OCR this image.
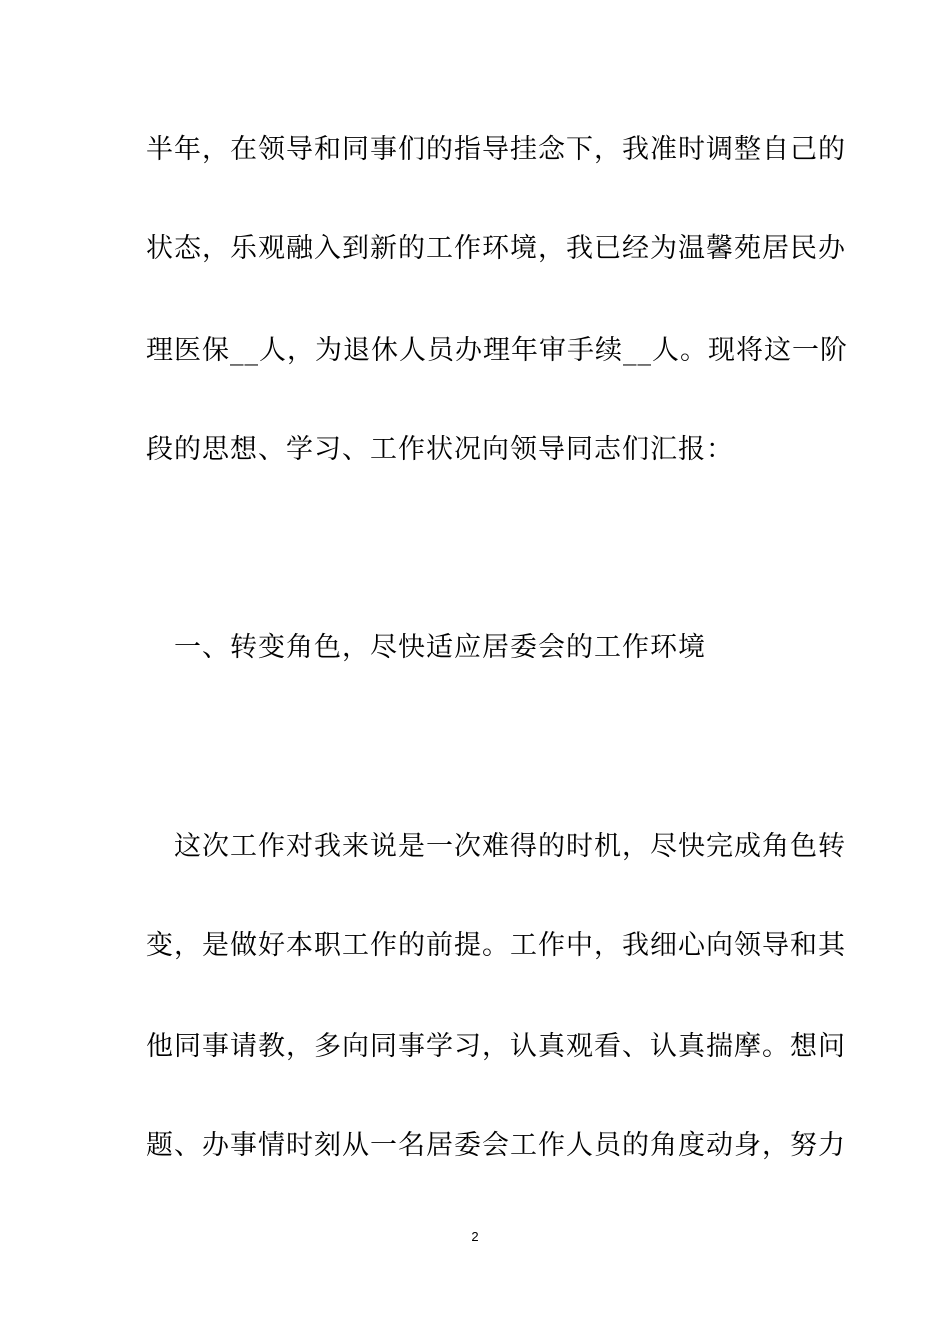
半年，在领导和同事们的指导挂念下，我准时调整自己的
状态，乐观融入到新的工作环境，我已经为温馨苑居民办
理医保__人，为退休人员办理年审手续__人。现将这一阶
段的思想、学习、工作状况向领导同志们汇报：
　一、转变角色，尽快适应居委会的工作环境
　这次工作对我来说是一次难得的时机，尽快完成角色转
变，是做好本职工作的前提。工作中，我细心向领导和其
他同事请教，多向同事学习，认真观看、认真揣摩。想问
题、办事情时刻从一名居委会工作人员的角度动身，努力
2
